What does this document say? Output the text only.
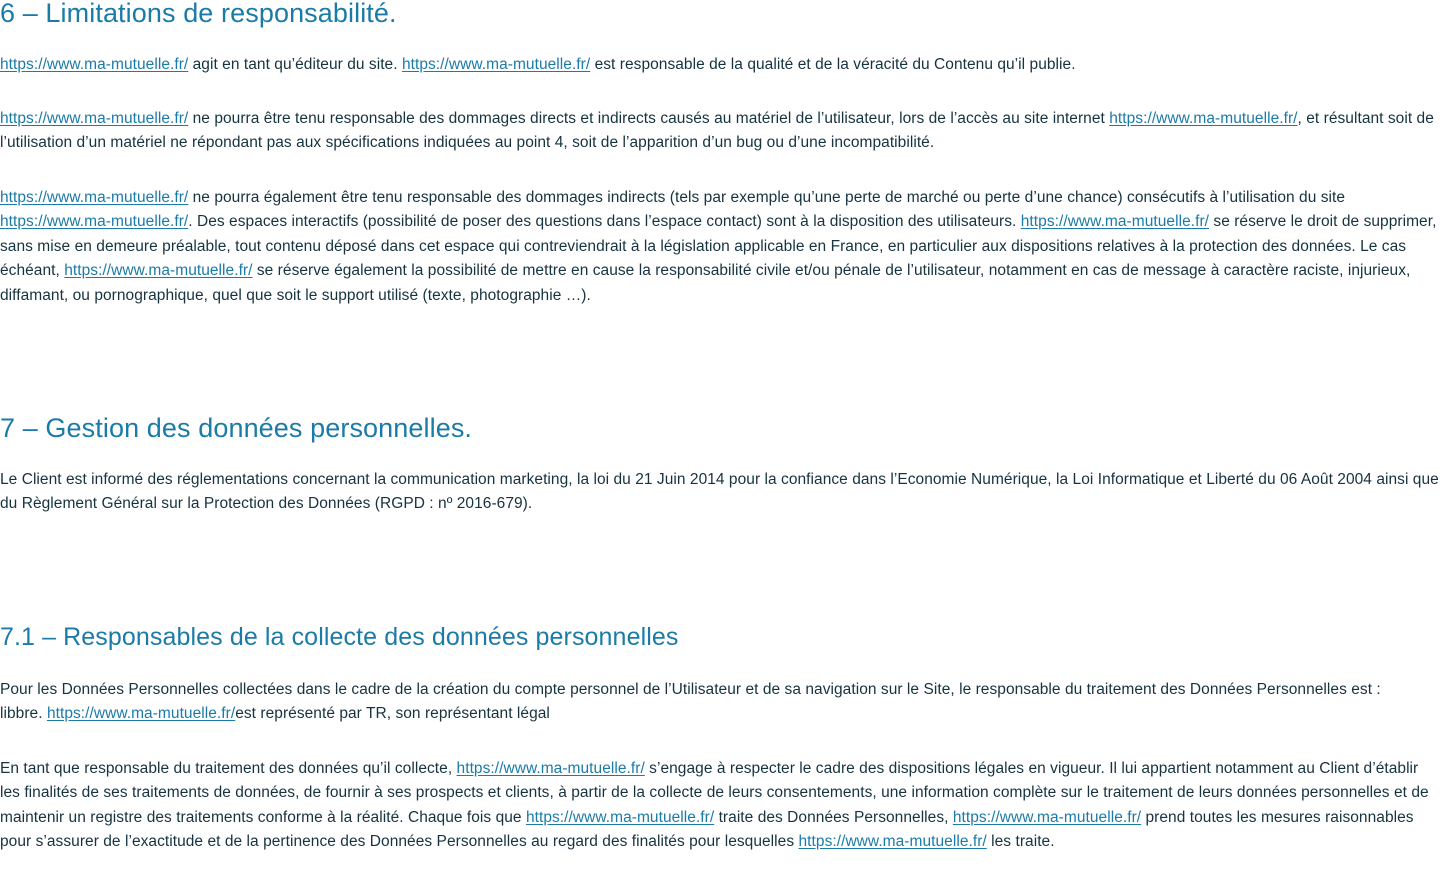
6 – Limitations de responsabilité.

https://www.ma-mutuelle.fr/ agit en tant qu’éditeur du site. https://www.ma-mutuelle.fr/ est responsable de la qualité et de la véracité du Contenu qu’il publie.

https://www.ma-mutuelle.fr/ ne pourra être tenu responsable des dommages directs et indirects causés au matériel de l’utilisateur, lors de l’accès au site internet https://www.ma-mutuelle.fr/, et résultant soit de l’utilisation d’un matériel ne répondant pas aux spécifications indiquées au point 4, soit de l’apparition d’un bug ou d’une incompatibilité.

https://www.ma-mutuelle.fr/ ne pourra également être tenu responsable des dommages indirects (tels par exemple qu’une perte de marché ou perte d’une chance) consécutifs à l’utilisation du site https://www.ma-mutuelle.fr/. Des espaces interactifs (possibilité de poser des questions dans l’espace contact) sont à la disposition des utilisateurs. https://www.ma-mutuelle.fr/ se réserve le droit de supprimer, sans mise en demeure préalable, tout contenu déposé dans cet espace qui contreviendrait à la législation applicable en France, en particulier aux dispositions relatives à la protection des données. Le cas échéant, https://www.ma-mutuelle.fr/ se réserve également la possibilité de mettre en cause la responsabilité civile et/ou pénale de l’utilisateur, notamment en cas de message à caractère raciste, injurieux, diffamant, ou pornographique, quel que soit le support utilisé (texte, photographie …).

7 – Gestion des données personnelles.

Le Client est informé des réglementations concernant la communication marketing, la loi du 21 Juin 2014 pour la confiance dans l’Economie Numérique, la Loi Informatique et Liberté du 06 Août 2004 ainsi que du Règlement Général sur la Protection des Données (RGPD : nº 2016-679).

7.1 – Responsables de la collecte des données personnelles

Pour les Données Personnelles collectées dans le cadre de la création du compte personnel de l’Utilisateur et de sa navigation sur le Site, le responsable du traitement des Données Personnelles est : libbre. https://www.ma-mutuelle.fr/est représenté par TR, son représentant légal

En tant que responsable du traitement des données qu’il collecte, https://www.ma-mutuelle.fr/ s’engage à respecter le cadre des dispositions légales en vigueur. Il lui appartient notamment au Client d’établir les finalités de ses traitements de données, de fournir à ses prospects et clients, à partir de la collecte de leurs consentements, une information complète sur le traitement de leurs données personnelles et de maintenir un registre des traitements conforme à la réalité. Chaque fois que https://www.ma-mutuelle.fr/ traite des Données Personnelles, https://www.ma-mutuelle.fr/ prend toutes les mesures raisonnables pour s’assurer de l’exactitude et de la pertinence des Données Personnelles au regard des finalités pour lesquelles https://www.ma-mutuelle.fr/ les traite.
